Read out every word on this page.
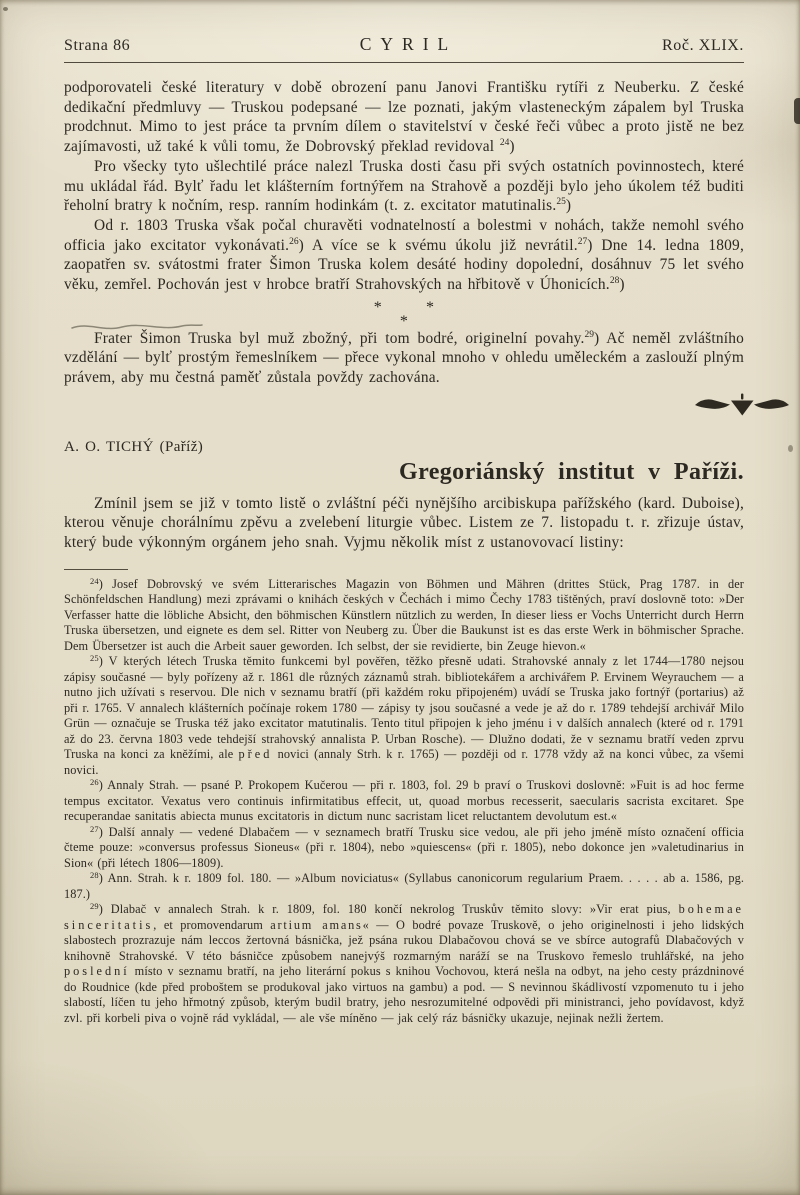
Strana 86	CYRIL	Roč. XLIX.

podporovateli české literatury v době obrození panu Janovi Františku rytíři z Neuberku. Z české dedikační předmluvy — Truskou podepsané — lze poznati, jakým vlasteneckým zápalem byl Truska prodchnut. Mimo to jest práce ta prvním dílem o stavitelství v české řeči vůbec a proto jistě ne bez zajímavosti, už také k vůli tomu, že Dobrovský překlad revidoval $^{24}$)

Pro všecky tyto ušlechtilé práce nalezl Truska dosti času při svých ostatních povinnostech, které mu ukládal řád. Bylť řadu let klášterním fortnýřem na Strahově a později bylo jeho úkolem též buditi řeholní bratry k nočním, resp. ranním hodinkám (t. z. excitator matutinalis.$^{25}$)

Od r. 1803 Truska však počal churavěti vodnatelností a bolestmi v nohách, takže nemohl svého officia jako excitator vykonávati.$^{26}$) A více se k svému úkolu již nevrátil.$^{27}$) Dne 14. ledna 1809, zaopatřen sv. svátostmi frater Šimon Truska kolem desáté hodiny dopolední, dosáhnuv 75 let svého věku, zemřel. Pochován jest v hrobce bratří Strahovských na hřbitově v Úhonicích.$^{28}$)

*	*
*

Frater Šimon Truska byl muž zbožný, při tom bodré, originelní povahy.$^{29}$) Ač neměl zvláštního vzdělání — bylť prostým řemeslníkem — přece vykonal mnoho v ohledu uměleckém a zaslouží plným právem, aby mu čestná paměť zůstala povždy zachována.

A. O. TICHÝ (Paříž)
Gregoriánský institut v Paříži.

Zmínil jsem se již v tomto listě o zvláštní péči nynějšího arcibiskupa pařížského (kard. Duboise), kterou věnuje chorálnímu zpěvu a zvelebení liturgie vůbec. Listem ze 7. listopadu t. r. zřizuje ústav, který bude výkonným orgánem jeho snah. Vyjmu několik míst z ustanovovací listiny:

$^{24}$) Josef Dobrovský ve svém Litterarisches Magazin von Böhmen und Mähren (drittes Stück, Prag 1787. in der Schönfeldschen Handlung) mezi zprávami o knihách českých v Čechách i mimo Čechy 1783 tištěných, praví doslovně toto: »Der Verfasser hatte die löbliche Absicht, den böhmischen Künstlern nützlich zu werden, In dieser liess er Vochs Unterricht durch Herrn Truska übersetzen, und eignete es dem sel. Ritter von Neuberg zu. Über die Baukunst ist es das erste Werk in böhmischer Sprache. Dem Übersetzer ist auch die Arbeit sauer geworden. Ich selbst, der sie revidierte, bin Zeuge hievon.«

$^{25}$) V kterých létech Truska těmito funkcemi byl pověřen, těžko přesně udati. Strahovské annaly z let 1744—1780 nejsou zápisy současné — byly pořízeny až r. 1861 dle různých záznamů strah. bibliotekářem a archivářem P. Ervinem Weyrauchem — a nutno jich užívati s reservou. Dle nich v seznamu bratří (při každém roku připojeném) uvádí se Truska jako fortnýř (portarius) až při r. 1765. V annalech klášterních počínaje rokem 1780 — zápisy ty jsou současné a vede je až do r. 1789 tehdejší archivář Milo Grün — označuje se Truska též jako excitator matutinalis. Tento titul připojen k jeho jménu i v dalších annalech (které od r. 1791 až do 23. června 1803 vede tehdejší strahovský annalista P. Urban Rosche). — Dlužno dodati, že v seznamu bratří veden zprvu Truska na konci za kněžími, ale před novici (annaly Strh. k r. 1765) — později od r. 1778 vždy až na konci vůbec, za všemi novici.

$^{26}$) Annaly Strah. — psané P. Prokopem Kučerou — při r. 1803, fol. 29 b praví o Truskovi doslovně: »Fuit is ad hoc ferme tempus excitator. Vexatus vero continuis infirmitatibus effecit, ut, quoad morbus recesserit, saecularis sacrista excitaret. Spe recuperandae sanitatis abiecta munus excitatoris in dictum nunc sacristam licet reluctantem devolutum est.«

$^{27}$) Další annaly — vedené Dlabačem — v seznamech bratří Trusku sice vedou, ale při jeho jméně místo označení officia čteme pouze: »conversus professus Sioneus« (při r. 1804), nebo »quiescens« (při r. 1805), nebo dokonce jen »valetudinarius in Sion« (při létech 1806—1809).

$^{28}$) Ann. Strah. k r. 1809 fol. 180. — »Album noviciatus« (Syllabus canonicorum regularium Praem. . . . . ab a. 1586, pg. 187.)

$^{29}$) Dlabač v annalech Strah. k r. 1809, fol. 180 končí nekrolog Truskův těmito slovy: »Vir erat pius, bohemae sinceritatis, et promovendarum artium amans« — O bodré povaze Truskově, o jeho originelnosti i jeho lidských slabostech prozrazuje nám leccos žertovná básnička, jež psána rukou Dlabačovou chová se ve sbírce autografů Dlabačových v knihovně Strahovské. V této básničce způsobem nanejvýš rozmarným naráží se na Truskovo řemeslo truhlářské, na jeho poslední místo v seznamu bratří, na jeho literární pokus s knihou Vochovou, která nešla na odbyt, na jeho cesty prázdninové do Roudnice (kde před proboštem se produkoval jako virtuos na gambu) a pod. — S nevinnou škádlivostí vzpomenuto tu i jeho slabostí, líčen tu jeho hřmotný způsob, kterým budil bratry, jeho nesrozumitelné odpovědi při ministranci, jeho povídavost, když zvl. při korbeli piva o vojně rád vykládal, — ale vše míněno — jak celý ráz básničky ukazuje, nejinak nežli žertem.
